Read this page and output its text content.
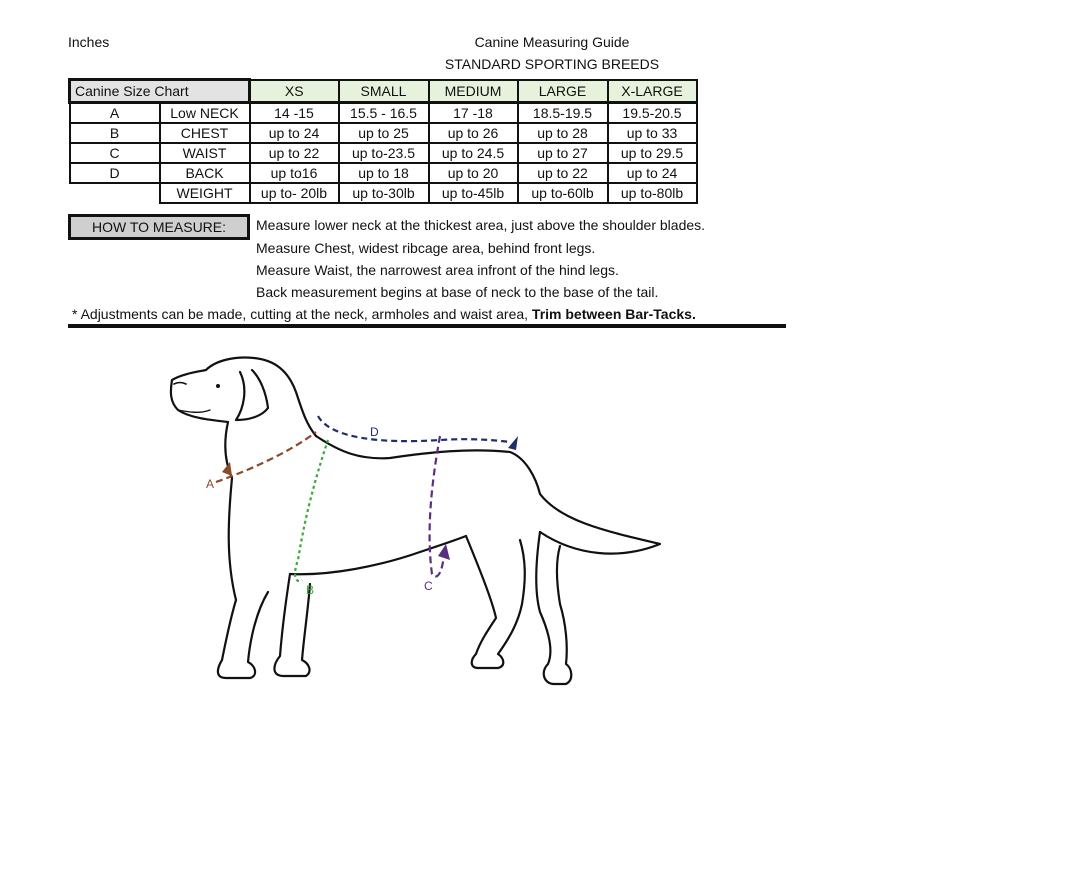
Inches	Canine Measuring Guide
STANDARD SPORTING BREEDS
Canine Size Chart		XS	SMALL	MEDIUM	LARGE	X-LARGE
A	Low NECK	14 -15	15.5 - 16.5	17 -18	18.5-19.5	19.5-20.5
B	CHEST	up to 24	up to 25	up to 26	up to 28	up to 33
C	WAIST	up to 22	up to-23.5	up to 24.5	up to 27	up to 29.5
D	BACK	up to16	up to 18	up to 20	up to 22	up to 24
	WEIGHT	up to- 20lb	up to-30lb	up to-45lb	up to-60lb	up to-80lb
HOW TO MEASURE:	Measure lower neck at the thickest area, just above the shoulder blades.
Measure Chest, widest ribcage area, behind front legs.
Measure Waist, the narrowest area infront of the hind legs.
Back measurement begins at base of neck to the base of the tail.
* Adjustments can be made, cutting at the neck, armholes and waist area, Trim between Bar-Tacks.
A
B	C
D
